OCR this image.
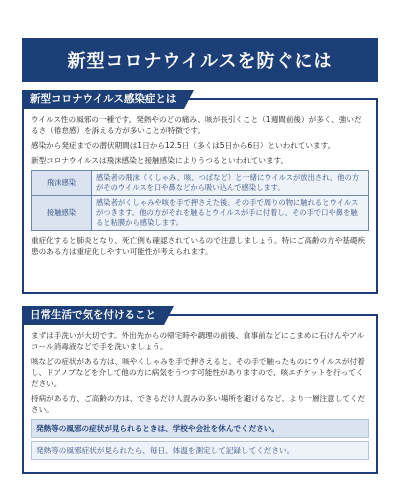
新型コロナウイルスを防ぐには
新型コロナウイルス感染症とは

ウイルス性の風邪の一種です。発熱やのどの痛み、咳が長引くこと（1週間前後）が多く、強いだるさ（倦怠感）を訴える方が多いことが特徴です。

感染から発症までの潜伏期間は1日から12.5日（多くは5日から6日）といわれています。

新型コロナウイルスは飛沫感染と接触感染によりうつるといわれています。

飛沫感染	感染者の飛沫（くしゃみ、咳、つばなど）と一緒にウイルスが放出され、他の方がそのウイルスを口や鼻などから吸い込んで感染します。
接触感染	感染者がくしゃみや咳を手で押さえた後、その手で周りの物に触れるとウイルスがつきます。他の方がそれを触るとウイルスが手に付着し、その手で口や鼻を触ると粘膜から感染します。

重症化すると肺炎となり、死亡例も確認されているので注意しましょう。特にご高齢の方や基礎疾患のある方は重症化しやすい可能性が考えられます。

日常生活で気を付けること

まずは手洗いが大切です。外出先からの帰宅時や調理の前後、食事前などにこまめに石けんやアルコール消毒液などで手を洗いましょう。

咳などの症状がある方は、咳やくしゃみを手で押さえると、その手で触ったものにウイルスが付着し、ドアノブなどを介して他の方に病気をうつす可能性がありますので、咳エチケットを行ってください。

持病がある方、ご高齢の方は、できるだけ人混みの多い場所を避けるなど、より一層注意してください。

発熱等の風邪の症状が見られるときは、学校や会社を休んでください。
発熱等の風邪症状が見られたら、毎日、体温を測定して記録してください。
